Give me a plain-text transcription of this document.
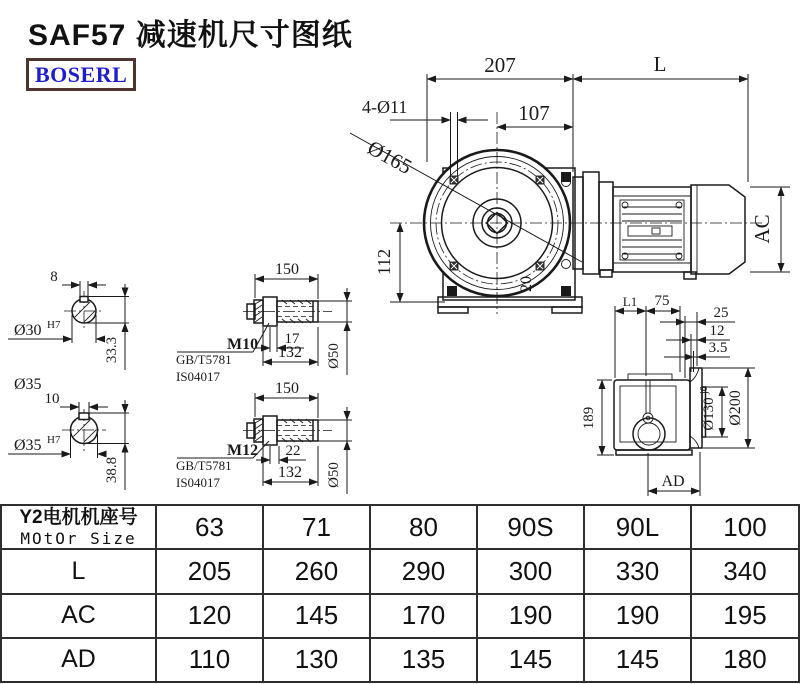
SAF57 减速机尺寸图纸
BOSERL	207	L
107
4-Ø11
Ø165
112
AC
20
8
Ø30 H7
33.3
Ø35
10
Ø35 H7
38.8
150
Ø50
17
132
M10
GB/T5781
IS04017
150
Ø50
22
132
M12
GB/T5781
IS04017
L1 75
25
12
3.5
189	Ø130
j6
Ø200
AD
Y2电机机座号
MOtOr Size	63	71	80	90S	90L	100
L	205	260	290	300	330	340
AC	120	145	170	190	190	195
AD	110	130	135	145	145	180
